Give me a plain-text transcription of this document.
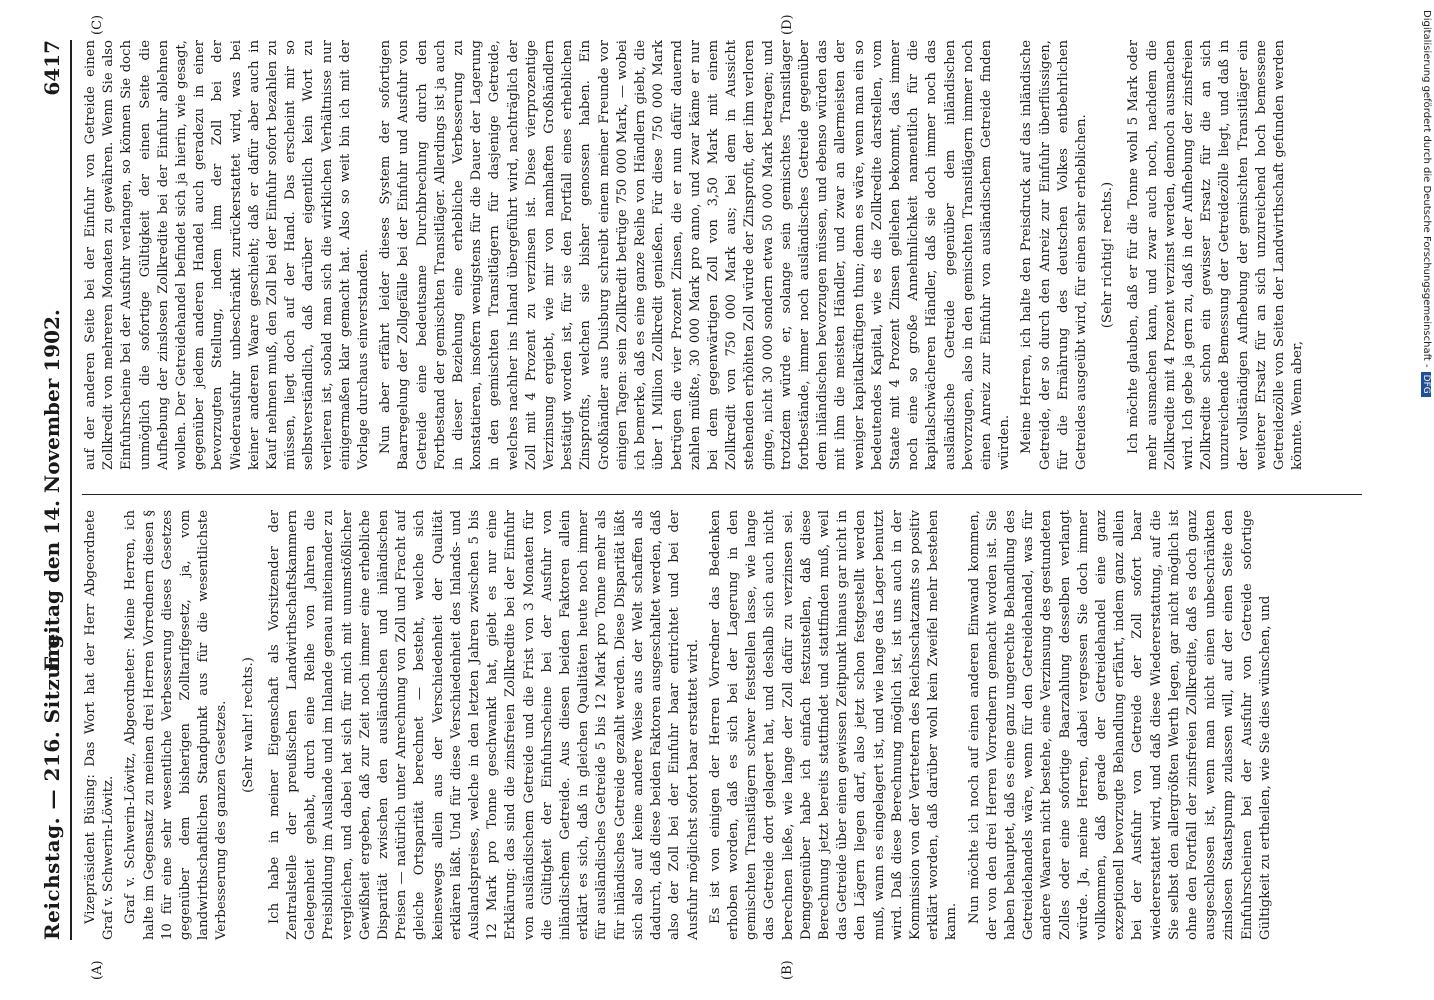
Reichstag. — 216. Sitzung.
Freitag den 14. November 1902.
6417
(A)	(B)
(C)	(D)

Vizepräsident Büsing: Das Wort hat der Herr Abgeordnete Graf v. Schwerin-Löwitz. Graf v. Schwerin-Löwitz, Abgeordneter: Meine Herren, ich halte im Gegensatz zu meinen drei Herren Vorrednern diesen § 10 für eine sehr wesentliche Verbesserung dieses Gesetzes gegenüber dem bisherigen Zolltarifgesetz, ja, vom landwirthschaftlichen Standpunkt aus für die wesentlichste Verbesserung des ganzen Gesetzes. (Sehr wahr! rechts.) Ich habe in meiner Eigenschaft als Vorsitzender der Zentralstelle der preußischen Landwirthschaftskammern Gelegenheit gehabt, durch eine Reihe von Jahren die Preisbildung im Auslande und im Inlande genau miteinander zu vergleichen, und dabei hat sich für mich mit unumstößlicher Gewißheit ergeben, daß zur Zeit noch immer eine erhebliche Disparität zwischen den ausländischen und inländischen Preisen — natürlich unter Anrechnung von Zoll und Fracht auf gleiche Ortsparität berechnet — besteht, welche sich keineswegs allein aus der Verschiedenheit der Qualität erklären läßt. Und für diese Verschiedenheit des Inlands- und Auslandspreises, welche in den letzten Jahren zwischen 5 bis 12 Mark pro Tonne geschwankt hat, giebt es nur eine Erklärung: das sind die zinsfreien Zollkredite bei der Einfuhr von ausländischem Getreide und die Frist von 3 Monaten für die Gültigkeit der Einfuhrscheine bei der Ausfuhr von inländischem Getreide. Aus diesen beiden Faktoren allein erklärt es sich, daß in gleichen Qualitäten heute noch immer für ausländisches Getreide 5 bis 12 Mark pro Tonne mehr als für inländisches Getreide gezahlt werden. Diese Disparität läßt sich also auf keine andere Weise aus der Welt schaffen als dadurch, daß diese beiden Faktoren ausgeschaltet werden, daß also der Zoll bei der Einfuhr baar entrichtet und bei der Ausfuhr möglichst sofort baar erstattet wird. Es ist von einigen der Herren Vorredner das Bedenken erhoben worden, daß es sich bei der Lagerung in den gemischten Transitlägern schwer feststellen lasse, wie lange das Getreide dort gelagert hat, und deshalb sich auch nicht berechnen ließe, wie lange der Zoll dafür zu verzinsen sei. Demgegenüber habe ich einfach festzustellen, daß diese Berechnung jetzt bereits stattfindet und stattfinden muß, weil das Getreide über einen gewissen Zeitpunkt hinaus gar nicht in den Lägern liegen darf, also jetzt schon festgestellt werden muß, wann es eingelagert ist, und wie lange das Lager benutzt wird. Daß diese Berechnung möglich ist, ist uns auch in der Kommission von der Vertretern des Reichsschatzamts so positiv erklärt worden, daß darüber wohl kein Zweifel mehr bestehen kann. Nun möchte ich noch auf einen anderen Einwand kommen, der von den drei Herren Vorrednern gemacht worden ist. Sie haben behauptet, daß es eine ganz ungerechte Behandlung des Getreidehandels wäre, wenn für den Getreidehandel, was für andere Waaren nicht bestehe, eine Verzinsung des gestundeten Zolles oder eine sofortige Baarzahlung desselben verlangt würde. Ja, meine Herren, dabei vergessen Sie doch immer vollkommen, daß gerade der Getreidehandel eine ganz exzeptionell bevorzugte Behandlung erfährt, indem ganz allein bei der Ausfuhr von Getreide der Zoll sofort baar wiedererstattet wird, und daß diese Wiedererstattung, auf die Sie selbst den allergrößten Werth legen, gar nicht möglich ist ohne den Fortfall der zinsfreien Zollkredite, daß es doch ganz ausgeschlossen ist, wenn man nicht einen unbeschränkten zinslosen Staatspump zulassen will, auf der einen Seite den Einfuhrscheinen bei der Ausfuhr von Getreide sofortige Gültigkeit zu ertheilen, wie Sie dies wünschen, und

auf der anderen Seite bei der Einfuhr von Getreide einen Zollkredit von mehreren Monaten zu gewähren. Wenn Sie also Einfuhrscheine bei der Ausfuhr verlangen, so können Sie doch unmöglich die sofortige Gültigkeit der einen Seite die Aufhebung der zinslosen Zollkredite bei der Einfuhr ablehnen wollen. Der Getreidehandel befindet sich ja hierin, wie gesagt, gegenüber jedem anderen Handel auch geradezu in einer bevorzugten Stellung, indem ihm der Zoll bei der Wiederausfuhr unbeschränkt zurückerstattet wird, was bei keiner anderen Waare geschieht; daß er dafür aber auch in Kauf nehmen muß, den Zoll bei der Einfuhr sofort bezahlen zu müssen, liegt doch auf der Hand. Das erscheint mir so selbstverständlich, daß darüber eigentlich kein Wort zu verlieren ist, sobald man sich die wirklichen Verhältnisse nur einigermaßen klar gemacht hat. Also so weit bin ich mit der Vorlage durchaus einverstanden. Nun aber erfährt leider dieses System der sofortigen Baarregelung der Zollgefälle bei der Einfuhr und Ausfuhr von Getreide eine bedeutsame Durchbrechung durch den Fortbestand der gemischten Transitläger. Allerdings ist ja auch in dieser Beziehung eine erhebliche Verbesserung zu konstatieren, insofern wenigstens für die Dauer der Lagerung in den gemischten Transitlägern für dasjenige Getreide, welches nachher ins Inland übergeführt wird, nachträglich der Zoll mit 4 Prozent zu verzinsen ist. Diese vierprozentige Verzinsung ergiebt, wie mir von namhaften Großhändlern bestätigt worden ist, für sie den Fortfall eines erheblichen Zinsprofits, welchen sie bisher genossen haben. Ein Großhändler aus Duisburg schreibt einem meiner Freunde vor einigen Tagen: sein Zollkredit betrüge 750 000 Mark, — wobei ich bemerke, daß es eine ganze Reihe von Händlern giebt, die über 1 Million Zollkredit genießen. Für diese 750 000 Mark betrügen die vier Prozent Zinsen, die er nun dafür dauernd zahlen müßte, 30 000 Mark pro anno, und zwar käme er nur bei dem gegenwärtigen Zoll von 3,50 Mark mit einem Zollkredit von 750 000 Mark aus; bei dem in Aussicht stehenden erhöhten Zoll würde der Zinsprofit, der ihm verloren ginge, nicht 30 000 sondern etwa 50 000 Mark betragen; und trotzdem würde er, solange sein gemischtes Transitlager fortbestände, immer noch ausländisches Getreide gegenüber dem inländischen bevorzugen müssen, und ebenso würden das mit ihm die meisten Händler, und zwar an allermeisten der weniger kapitalkräftigen thun; denn es wäre, wenn man ein so bedeutendes Kapital, wie es die Zollkredite darstellen, vom Staate mit 4 Prozent Zinsen geliehen bekommt, das immer noch eine so große Annehmlichkeit namentlich für die kapitalschwächeren Händler, daß sie doch immer noch das ausländische Getreide gegenüber dem inländischen bevorzugen, also in den gemischten Transitlägern immer noch einen Anreiz zur Einfuhr von ausländischem Getreide finden würden. Meine Herren, ich halte den Preisdruck auf das inländische Getreide, der so durch den Anreiz zur Einfuhr überflüssigen, für die Ernährung des deutschen Volkes entbehrlichen Getreides ausgeübt wird, für einen sehr erheblichen. (Sehr richtig! rechts.) Ich möchte glauben, daß er für die Tonne wohl 5 Mark oder mehr ausmachen kann, und zwar auch noch, nachdem die Zollkredite mit 4 Prozent verzinst werden, dennoch ausmachen wird. Ich gebe ja gern zu, daß in der Aufhebung der zinsfreien Zollkredite schon ein gewisser Ersatz für die an sich unzureichende Bemessung der Getreidezölle liegt, und daß in der vollständigen Aufhebung der gemischten Transitläger ein weiterer Ersatz für an sich unzureichend hoch bemessene Getreidezölle von Seiten der Landwirthschaft gefunden werden könnte. Wenn aber,

Digitalisierung gefördert durch die Deutsche Forschungsgemeinschaft -DFG
